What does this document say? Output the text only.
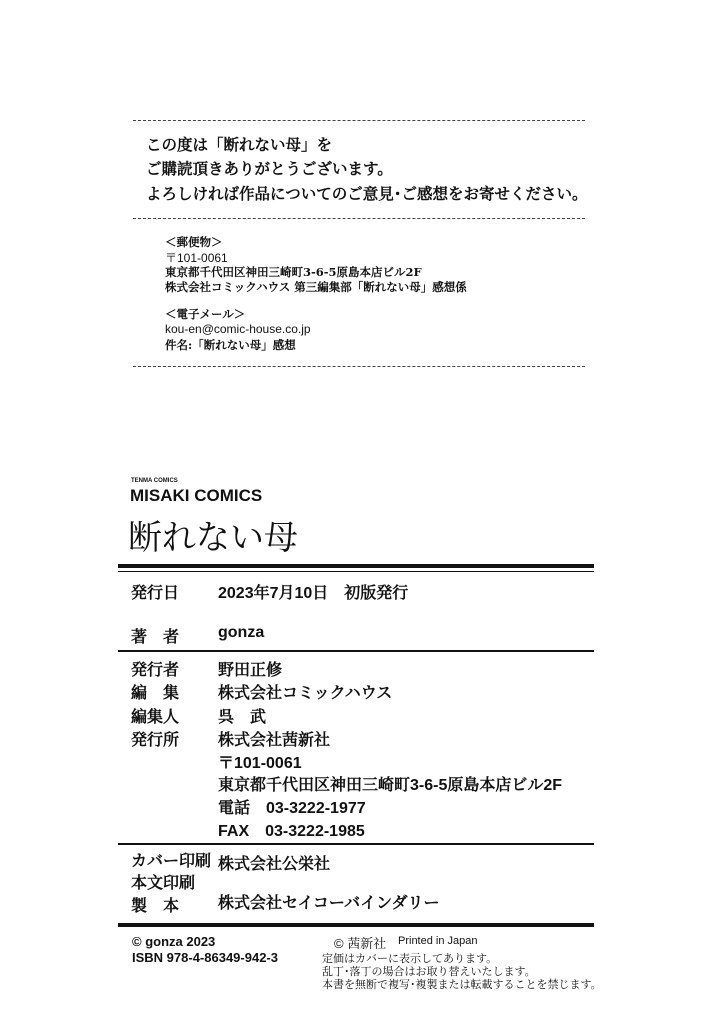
この度は「断れない母」を
ご購読頂きありがとうございます。
よろしければ作品についてのご意見･ご感想をお寄せください。
＜郵便物＞
〒101-0061
東京都千代田区神田三崎町3-6-5原島本店ビル2F
株式会社コミックハウス 第三編集部「断れない母」感想係
＜電子メール＞
kou-en@comic-house.co.jp
件名:「断れない母」感想
TENMA COMICS
MISAKI COMICS
断れない母
発行日 2023年7月10日　初版発行
著　者 gonza
発行者 野田正修
編　集 株式会社コミックハウス
編集人 呉　武
発行所 株式会社茜新社
〒101-0061
東京都千代田区神田三崎町3-6-5原島本店ビル2F
電話　03-3222-1977
FAX　03-3222-1985
カバー印刷 株式会社公栄社
本文印刷
製　本 株式会社セイコーバインダリー
© gonza 2023
ISBN 978-4-86349-942-3
© 茜新社 Printed in Japan
定価はカバーに表示してあります。
乱丁･落丁の場合はお取り替えいたします。
本書を無断で複写･複製または転載することを禁じます。
